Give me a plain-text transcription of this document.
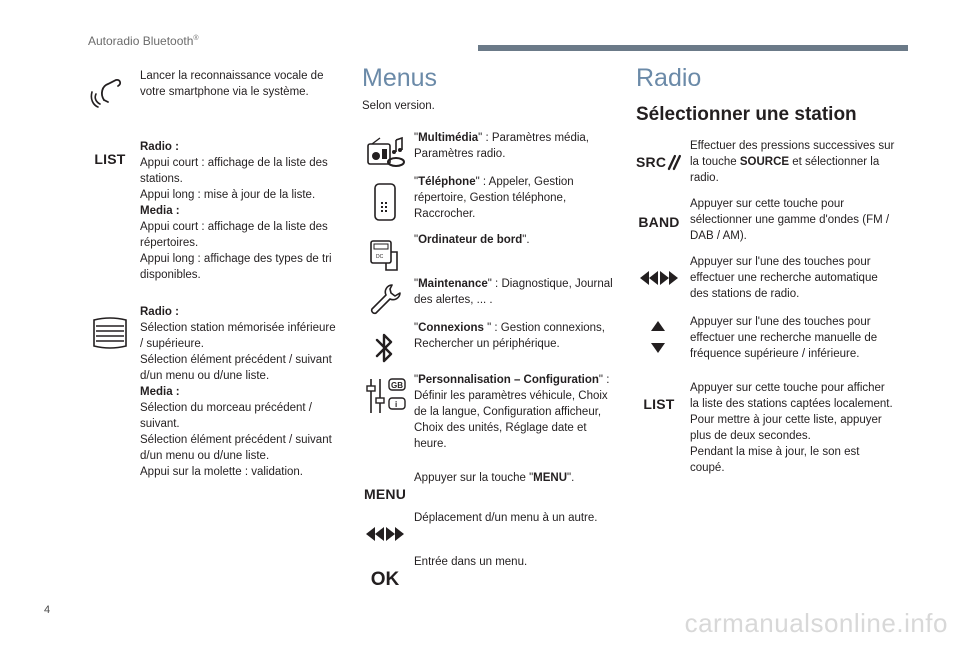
Autoradio Bluetooth®
Lancer la reconnaissance vocale de votre smartphone via le système.
LIST
Radio :
Appui court : affichage de la liste des stations.
Appui long : mise à jour de la liste.
Media :
Appui court : affichage de la liste des répertoires.
Appui long : affichage des types de tri disponibles.
Radio :
Sélection station mémorisée inférieure / supérieure.
Sélection élément précédent / suivant d/un menu ou d/une liste.
Media :
Sélection du morceau précédent / suivant.
Sélection élément précédent / suivant d/un menu ou d/une liste.
Appui sur la molette : validation.
Menus
Selon version.
"Multimédia" : Paramètres média, Paramètres radio.
"Téléphone" : Appeler, Gestion répertoire, Gestion téléphone, Raccrocher.
DC
"Ordinateur de bord".
"Maintenance" : Diagnostique, Journal des alertes, ... .
"Connexions " : Gestion connexions, Rechercher un périphérique.
GB
i
"Personnalisation – Configuration" : Définir les paramètres véhicule, Choix de la langue, Configuration afficheur, Choix des unités, Réglage date et heure.
MENU
Appuyer sur la touche "MENU".
Déplacement d/un menu à un autre.
OK
Entrée dans un menu.
Radio
Sélectionner une station
SRC
Effectuer des pressions successives sur la touche SOURCE et sélectionner la radio.
BAND
Appuyer sur cette touche pour sélectionner une gamme d'ondes (FM / DAB / AM).
Appuyer sur l'une des touches pour effectuer une recherche automatique des stations de radio.
Appuyer sur l'une des touches pour effectuer une recherche manuelle de fréquence supérieure / inférieure.
LIST
Appuyer sur cette touche pour afficher la liste des stations captées localement.
Pour mettre à jour cette liste, appuyer plus de deux secondes.
Pendant la mise à jour, le son est coupé.
4	carmanualsonline.info
